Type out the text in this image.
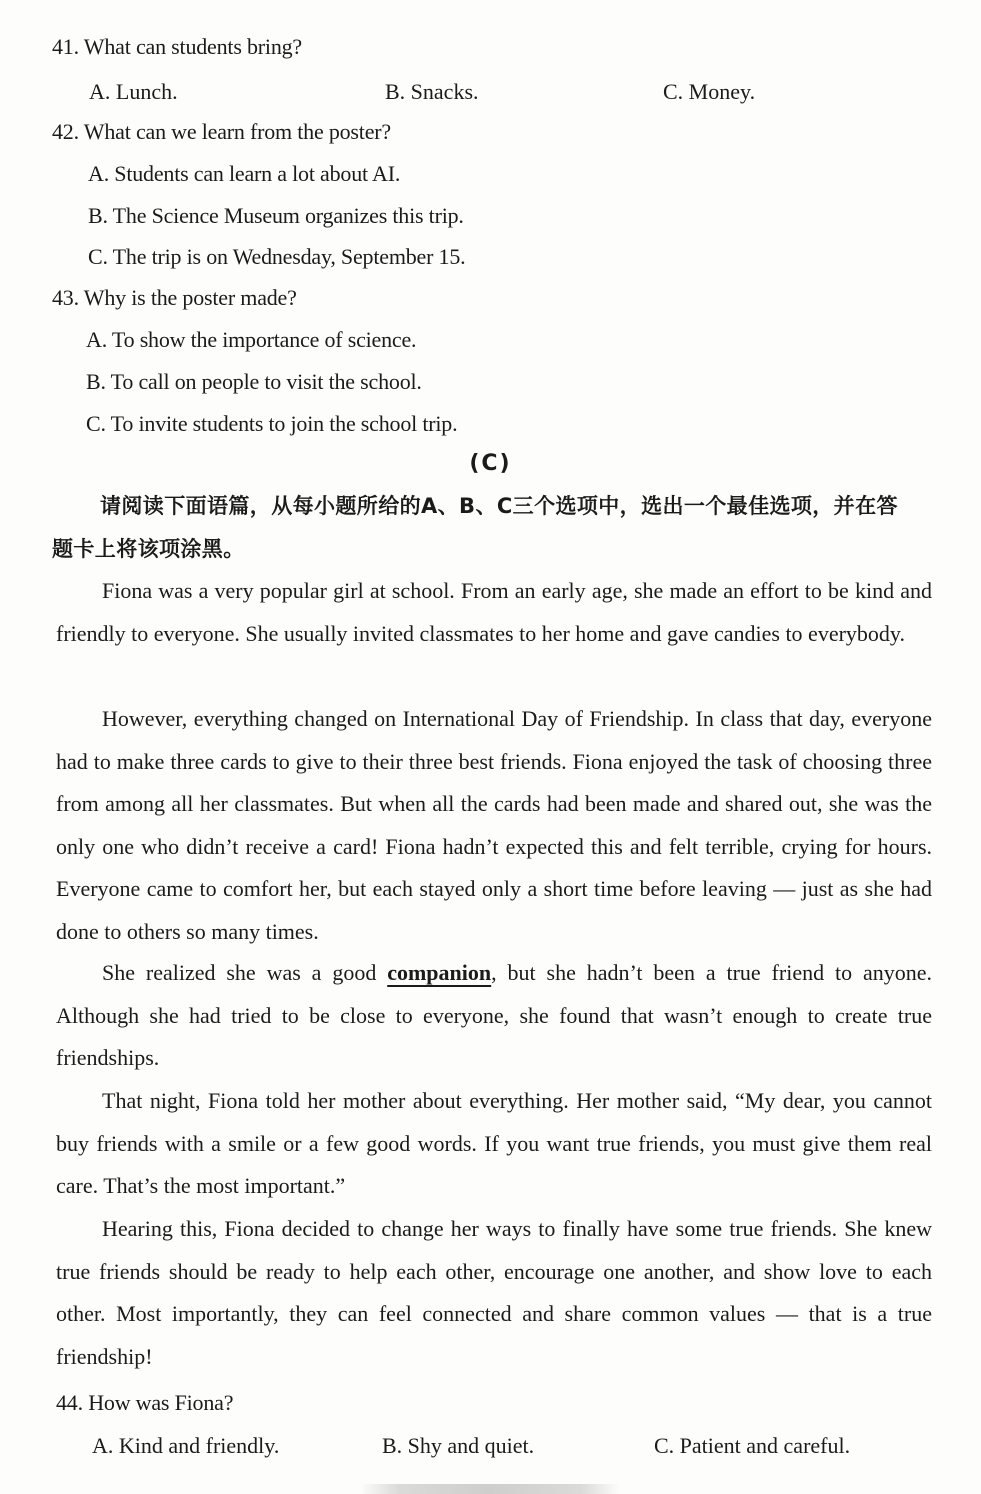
41. What can students bring?
A. Lunch.	B. Snacks.	C. Money.
42. What can we learn from the poster?
A. Students can learn a lot about AI.
B. The Science Museum organizes this trip.
C. The trip is on Wednesday, September 15.
43. Why is the poster made?
A. To show the importance of science.
B. To call on people to visit the school.
C. To invite students to join the school trip.
(C)
请阅读下面语篇，从每小题所给的A、B、C三个选项中，选出一个最佳选项，并在答
题卡上将该项涂黑。

Fiona was a very popular girl at school. From an early age, she made an effort to be kind and friendly to everyone. She usually invited classmates to her home and gave candies to everybody.

However, everything changed on International Day of Friendship. In class that day, everyone had to make three cards to give to their three best friends. Fiona enjoyed the task of choosing three from among all her classmates. But when all the cards had been made and shared out, she was the only one who didn’t receive a card! Fiona hadn’t expected this and felt terrible, crying for hours. Everyone came to comfort her, but each stayed only a short time before leaving — just as she had done to others so many times.

She realized she was a good companion, but she hadn’t been a true friend to anyone. Although she had tried to be close to everyone, she found that wasn’t enough to create true friendships.

That night, Fiona told her mother about everything. Her mother said, “My dear, you cannot buy friends with a smile or a few good words. If you want true friends, you must give them real care. That’s the most important.”

Hearing this, Fiona decided to change her ways to finally have some true friends. She knew true friends should be ready to help each other, encourage one another, and show love to each other. Most importantly, they can feel connected and share common values — that is a true friendship!

44. How was Fiona?
A. Kind and friendly.	B. Shy and quiet.	C. Patient and careful.
